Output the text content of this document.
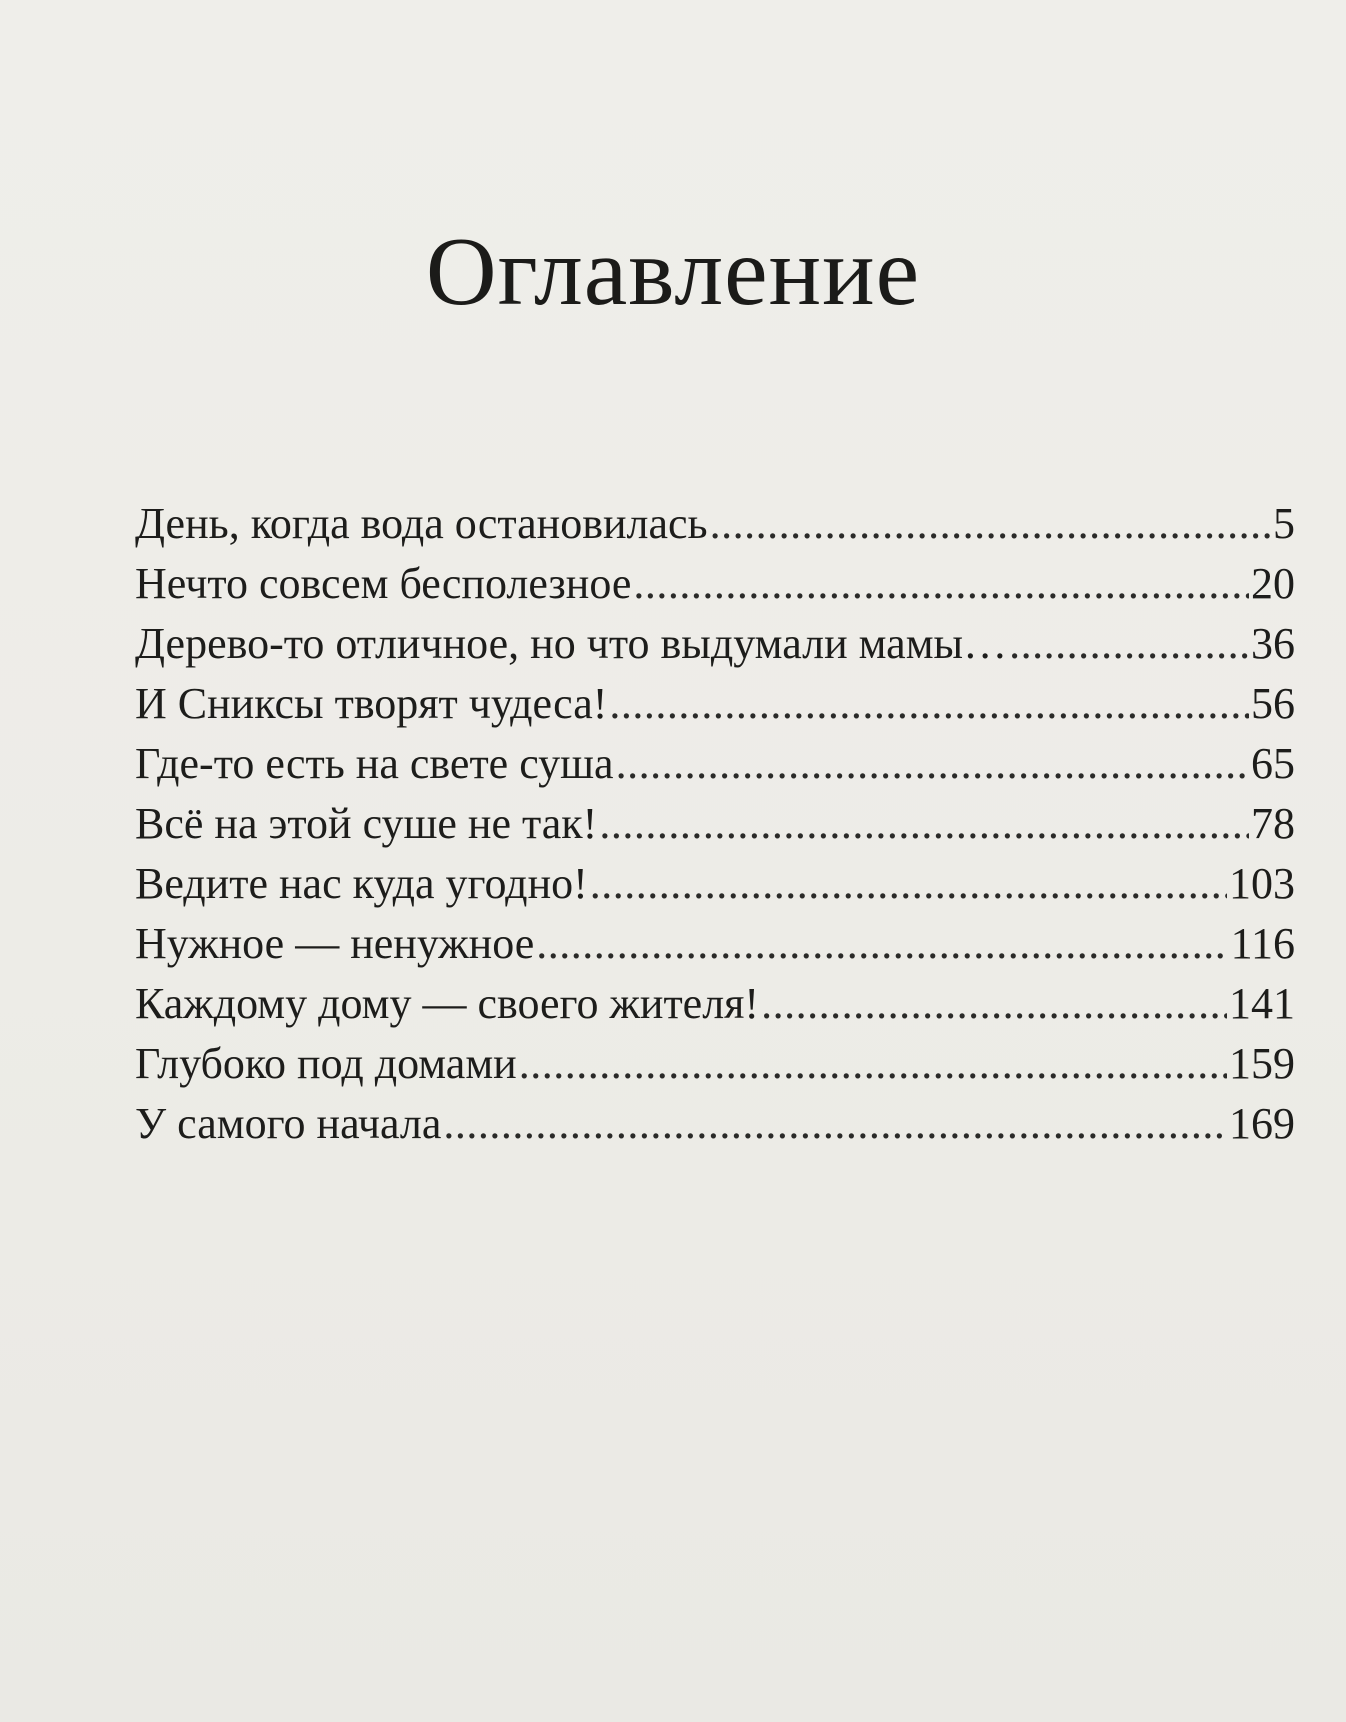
Оглавление
День, когда вода остановилась .....	5
Нечто совсем бесполезное .....	20
Дерево-то отличное, но что выдумали мамы… .....	36
И Сниксы творят чудеса! .....	56
Где-то есть на свете суша .....	65
Всё на этой суше не так! .....	78
Ведите нас куда угодно! .....	103
Нужное — ненужное .....	116
Каждому дому — своего жителя! .....	141
Глубоко под домами .....	159
У самого начала .....	169
